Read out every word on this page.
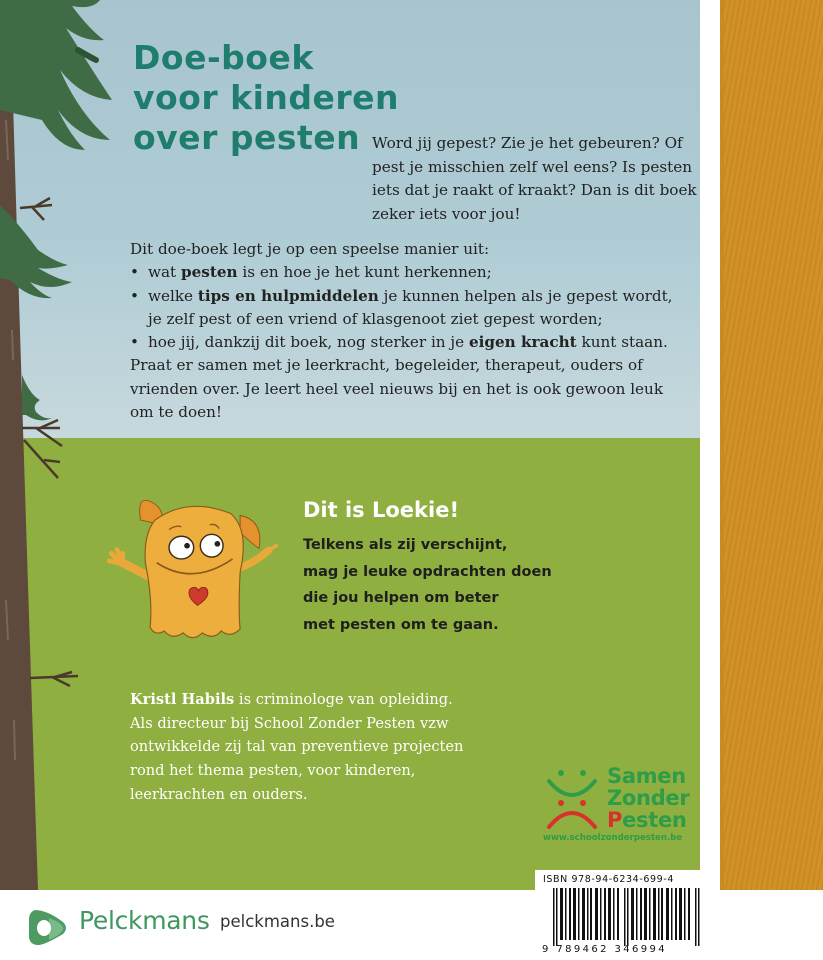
Doe-boek
voor kinderen
over pesten Word jij gepest? Zie je het gebeuren? Of
pest je misschien zelf wel eens? Is pesten
iets dat je raakt of kraakt? Dan is dit boek
zeker iets voor jou!
Dit doe-boek legt je op een speelse manier uit:
• wat pesten is en hoe je het kunt herkennen;
• welke tips en hulpmiddelen je kunnen helpen als je gepest wordt,
je zelf pest of een vriend of klasgenoot ziet gepest worden;
• hoe jij, dankzij dit boek, nog sterker in je eigen kracht kunt staan.
Praat er samen met je leerkracht, begeleider, therapeut, ouders of
vrienden over. Je leert heel veel nieuws bij en het is ook gewoon leuk
om te doen!
Dit is Loekie!
Telkens als zij verschijnt,
mag je leuke opdrachten doen
die jou helpen om beter
met pesten om te gaan.
Kristl Habils is criminologe van opleiding.
Als directeur bij School Zonder Pesten vzw
ontwikkelde zij tal van preventieve projecten
rond het thema pesten, voor kinderen,
leerkrachten en ouders.
Samen
Zonder
Pesten
www.schoolzonderpesten.be
ISBN 978-94-6234-699-4
9 789462 346994
Pelckmans pelckmans.be
